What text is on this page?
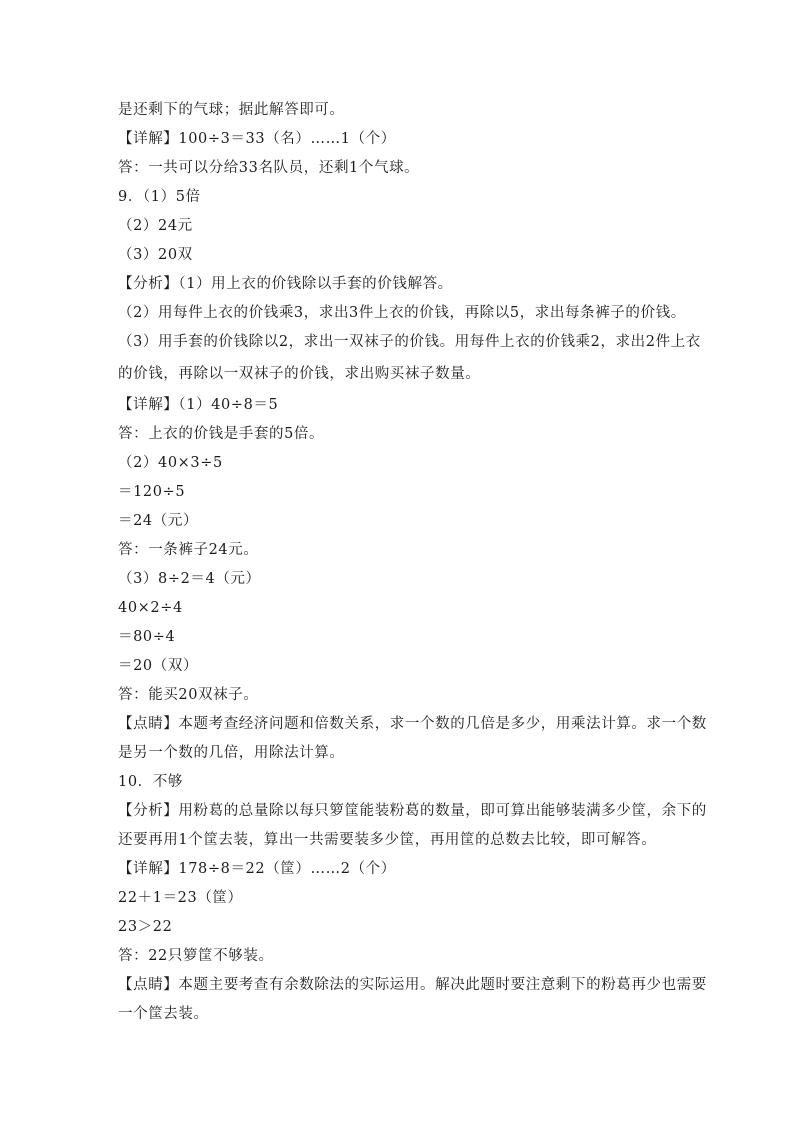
是还剩下的气球；据此解答即可。
【详解】100÷3＝33（名）……1（个）
答：一共可以分给33名队员，还剩1个气球。
9．（1）5倍
（2）24元
（3）20双
【分析】（1）用上衣的价钱除以手套的价钱解答。
（2）用每件上衣的价钱乘3，求出3件上衣的价钱，再除以5，求出每条裤子的价钱。
（3）用手套的价钱除以2，求出一双袜子的价钱。用每件上衣的价钱乘2，求出2件上衣
的价钱，再除以一双袜子的价钱，求出购买袜子数量。
【详解】（1）40÷8＝5
答：上衣的价钱是手套的5倍。
（2）40×3÷5
＝120÷5
＝24（元）
答：一条裤子24元。
（3）8÷2＝4（元）
40×2÷4
＝80÷4
＝20（双）
答：能买20双袜子。
【点睛】本题考查经济问题和倍数关系，求一个数的几倍是多少，用乘法计算。求一个数
是另一个数的几倍，用除法计算。
10．不够
【分析】用粉葛的总量除以每只箩筐能装粉葛的数量，即可算出能够装满多少筐，余下的
还要再用1个筐去装，算出一共需要装多少筐，再用筐的总数去比较，即可解答。
【详解】178÷8＝22（筐）……2（个）
22＋1＝23（筐）
23＞22
答：22只箩筐不够装。
【点睛】本题主要考查有余数除法的实际运用。解决此题时要注意剩下的粉葛再少也需要
一个筐去装。
